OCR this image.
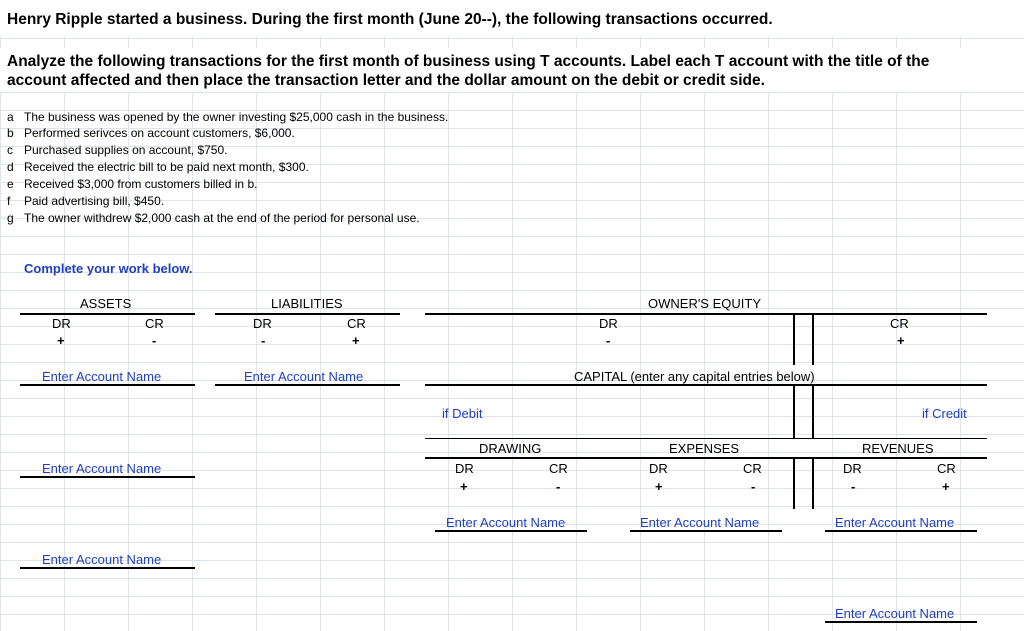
Henry Ripple started a business. During the first month (June 20--), the following transactions occurred.
Analyze the following transactions for the first month of business using T accounts. Label each T account with the title of the
account affected and then place the transaction letter and the dollar amount on the debit or credit side.
a The business was opened by the owner investing $25,000 cash in the business.
b Performed serivces on account customers, $6,000.
c Purchased supplies on account, $750.
d Received the electric bill to be paid next month, $300.
e Received $3,000 from customers billed in b.
f Paid advertising bill, $450.
g The owner withdrew $2,000 cash at the end of the period for personal use.
Complete your work below.
ASSETS
DR	CR
+	-
LIABILITIES
DR	CR
-	+
OWNER'S EQUITY
DR	CR
-	+
CAPITAL (enter any capital entries below)
if Debit	if Credit
DRAWING	EXPENSES	REVENUES
DR	CR	DR	CR	DR	CR
+	-	+	-	-	+
Enter Account Name	Enter Account Name
Enter Account Name
Enter Account Name
Enter Account Name	Enter Account Name	Enter Account Name
Enter Account Name
